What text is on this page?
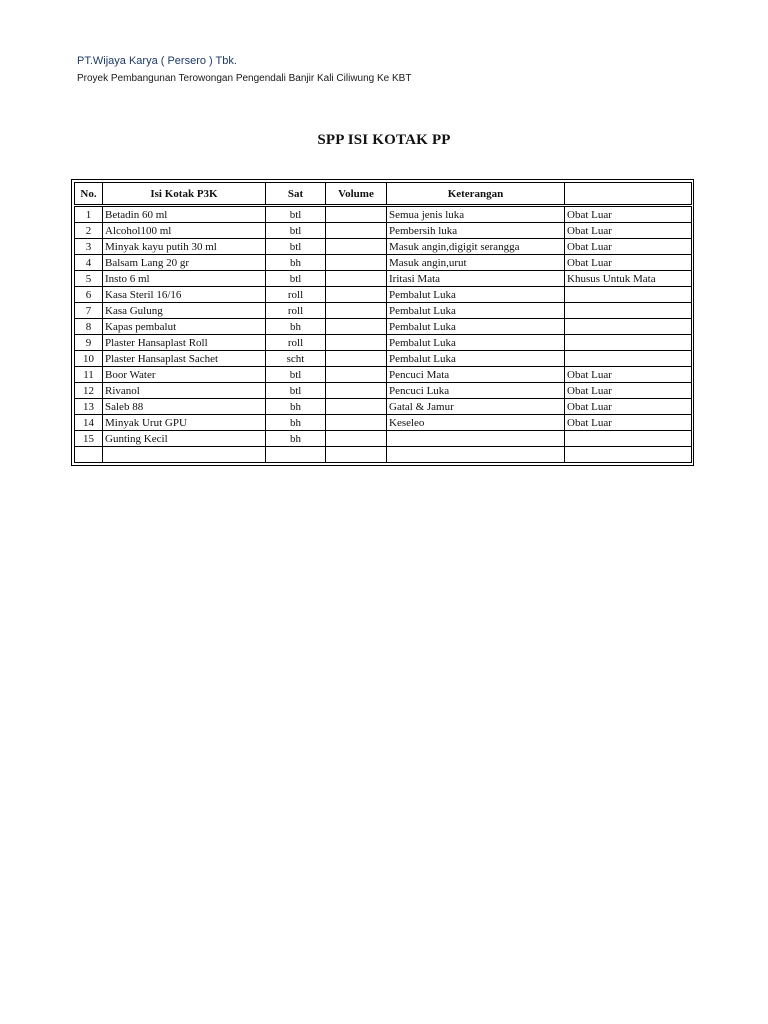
PT.Wijaya Karya ( Persero ) Tbk.
Proyek Pembangunan Terowongan Pengendali Banjir Kali Ciliwung Ke KBT
SPP ISI KOTAK PP
No.	Isi Kotak P3K	Sat	Volume	Keterangan	
1	Betadin 60 ml	btl		Semua jenis luka	Obat Luar
2	Alcohol100 ml	btl		Pembersih luka	Obat Luar
3	Minyak kayu putih 30 ml	btl		Masuk angin,digigit serangga	Obat Luar
4	Balsam Lang 20 gr	bh		Masuk angin,urut	Obat Luar
5	Insto 6 ml	btl		Iritasi Mata	Khusus Untuk Mata
6	Kasa Steril 16/16	roll		Pembalut Luka	
7	Kasa Gulung	roll		Pembalut Luka	
8	Kapas pembalut	bh		Pembalut Luka	
9	Plaster Hansaplast Roll	roll		Pembalut Luka	
10	Plaster Hansaplast Sachet	scht		Pembalut Luka	
11	Boor Water	btl		Pencuci Mata	Obat Luar
12	Rivanol	btl		Pencuci Luka	Obat Luar
13	Saleb 88	bh		Gatal & Jamur	Obat Luar
14	Minyak Urut GPU	bh		Keseleo	Obat Luar
15	Gunting Kecil	bh			
